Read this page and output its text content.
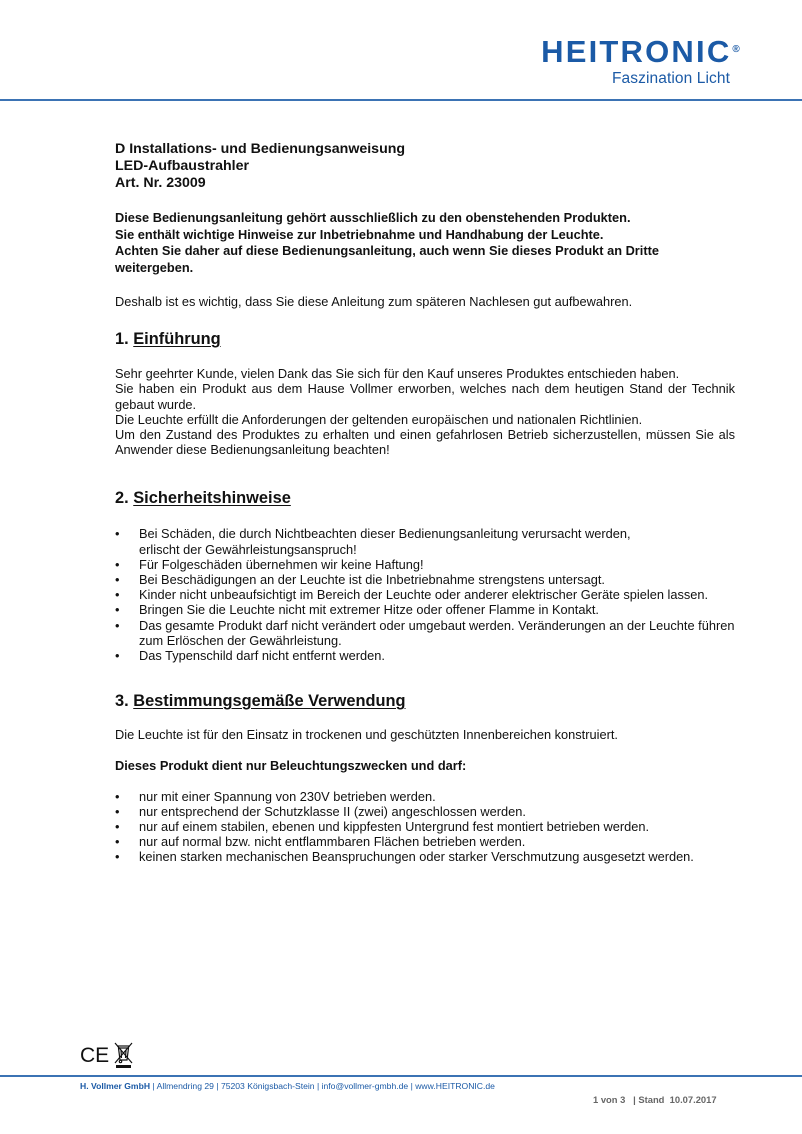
HEITRONIC®
Faszination Licht
D Installations- und Bedienungsanweisung
LED-Aufbaustrahler
Art. Nr. 23009
Diese Bedienungsanleitung gehört ausschließlich zu den obenstehenden Produkten.
Sie enthält wichtige Hinweise zur Inbetriebnahme und Handhabung der Leuchte.
Achten Sie daher auf diese Bedienungsanleitung, auch wenn Sie dieses Produkt an Dritte weitergeben.

Deshalb ist es wichtig, dass Sie diese Anleitung zum späteren Nachlesen gut aufbewahren.

1. Einführung

Sehr geehrter Kunde, vielen Dank das Sie sich für den Kauf unseres Produktes entschieden haben.

Sie haben ein Produkt aus dem Hause Vollmer erworben, welches nach dem heutigen Stand der Technik gebaut wurde.

Die Leuchte erfüllt die Anforderungen der geltenden europäischen und nationalen Richtlinien.

Um den Zustand des Produktes zu erhalten und einen gefahrlosen Betrieb sicherzustellen, müssen Sie als Anwender diese Bedienungsanleitung beachten!

2. Sicherheitshinweise
• Bei Schäden, die durch Nichtbeachten dieser Bedienungsanleitung verursacht werden,
erlischt der Gewährleistungsanspruch!
• Für Folgeschäden übernehmen wir keine Haftung!
• Bei Beschädigungen an der Leuchte ist die Inbetriebnahme strengstens untersagt.
• Kinder nicht unbeaufsichtigt im Bereich der Leuchte oder anderer elektrischer Geräte spielen lassen.
• Bringen Sie die Leuchte nicht mit extremer Hitze oder offener Flamme in Kontakt.
• Das gesamte Produkt darf nicht verändert oder umgebaut werden. Veränderungen an der Leuchte führen zum Erlöschen der Gewährleistung.
• Das Typenschild darf nicht entfernt werden.
3. Bestimmungsgemäße Verwendung

Die Leuchte ist für den Einsatz in trockenen und geschützten Innenbereichen konstruiert.

Dieses Produkt dient nur Beleuchtungszwecken und darf:

• nur mit einer Spannung von 230V betrieben werden.
• nur entsprechend der Schutzklasse II (zwei) angeschlossen werden.
• nur auf einem stabilen, ebenen und kippfesten Untergrund fest montiert betrieben werden.
• nur auf normal bzw. nicht entflammbaren Flächen betrieben werden.
• keinen starken mechanischen Beanspruchungen oder starker Verschmutzung ausgesetzt werden.
CE
H. Vollmer GmbH | Allmendring 29 | 75203 Königsbach-Stein | info@vollmer-gmbh.de | www.HEITRONIC.de
1 von 3 | Stand 10.07.2017
